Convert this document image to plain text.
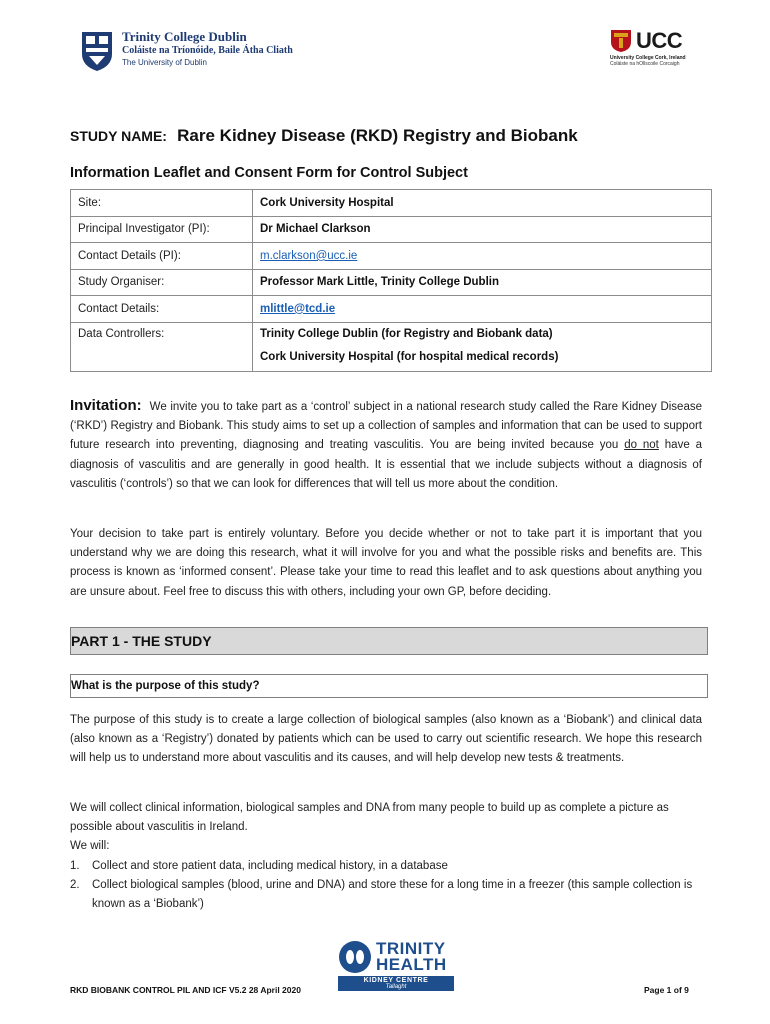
Trinity College Dublin
Coláiste na Tríonóide, Baile Átha Cliath
The University of Dublin
UCC
University College Cork, Ireland
Coláiste na hOllscoile Corcaigh
STUDY NAME: Rare Kidney Disease (RKD) Registry and Biobank
Information Leaflet and Consent Form for Control Subject
Site:	Cork University Hospital
Principal Investigator (PI):	Dr Michael Clarkson
Contact Details (PI):	m.clarkson@ucc.ie
Study Organiser:	Professor Mark Little, Trinity College Dublin
Contact Details:	mlittle@tcd.ie
Data Controllers:	Trinity College Dublin (for Registry and Biobank data)
Cork University Hospital (for hospital medical records)
Invitation: We invite you to take part as a ‘control’ subject in a national research study called the Rare Kidney Disease (‘RKD’) Registry and Biobank. This study aims to set up a collection of samples and information that can be used to support future research into preventing, diagnosing and treating vasculitis. You are being invited because you do not have a diagnosis of vasculitis and are generally in good health. It is essential that we include subjects without a diagnosis of vasculitis (‘controls’) so that we can look for differences that will tell us more about the condition.
Your decision to take part is entirely voluntary. Before you decide whether or not to take part it is important that you understand why we are doing this research, what it will involve for you and what the possible risks and benefits are. This process is known as ‘informed consent’. Please take your time to read this leaflet and to ask questions about anything you are unsure about. Feel free to discuss this with others, including your own GP, before deciding.
PART 1 - THE STUDY
What is the purpose of this study?
The purpose of this study is to create a large collection of biological samples (also known as a ‘Biobank’) and clinical data (also known as a ‘Registry’) donated by patients which can be used to carry out scientific research. We hope this research will help us to understand more about vasculitis and its causes, and will help develop new tests & treatments.
We will collect clinical information, biological samples and DNA from many people to build up as complete a picture as possible about vasculitis in Ireland.
We will:
1.	Collect and store patient data, including medical history, in a database
2.	Collect biological samples (blood, urine and DNA) and store these for a long time in a freezer (this sample collection is known as a ‘Biobank’)
TRINITY
HEALTH
KIDNEY CENTRE
Tallaght
RKD BIOBANK CONTROL PIL AND ICF V5.2 28 April 2020	Page 1 of 9
